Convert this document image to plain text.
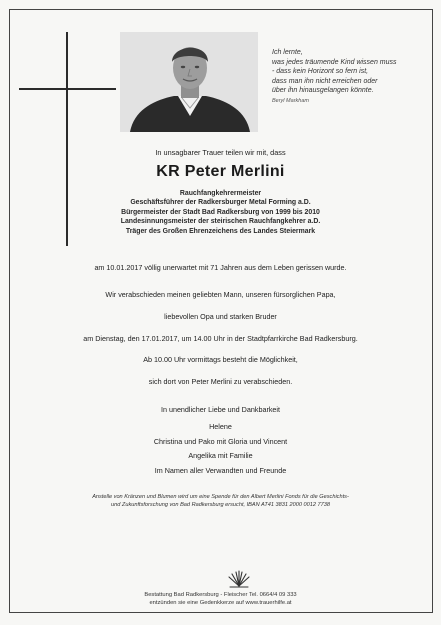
Ich lernte,
was jedes träumende Kind wissen muss
- dass kein Horizont so fern ist,
dass man ihn nicht erreichen oder
über ihn hinausgelangen könnte.
Beryl Markham
In unsagbarer Trauer teilen wir mit, dass
KR Peter Merlini
Rauchfangkehrermeister
Geschäftsführer der Radkersburger Metal Forming a.D.
Bürgermeister der Stadt Bad Radkersburg von 1999 bis 2010
Landesinnungsmeister der steirischen Rauchfangkehrer a.D.
Träger des Großen Ehrenzeichens des Landes Steiermark
am 10.01.2017 völlig unerwartet mit 71 Jahren aus dem Leben gerissen wurde.
Wir verabschieden meinen geliebten Mann, unseren fürsorglichen Papa,
liebevollen Opa und starken Bruder
am Dienstag, den 17.01.2017, um 14.00 Uhr in der Stadtpfarrkirche Bad Radkersburg.
Ab 10.00 Uhr vormittags besteht die Möglichkeit,
sich dort von Peter Merlini zu verabschieden.
In unendlicher Liebe und Dankbarkeit
Helene
Christina und Pako mit Gloria und Vincent
Angelika mit Familie
Im Namen aller Verwandten und Freunde
Anstelle von Kränzen und Blumen wird um eine Spende für den Albert Merlini Fonds für die Geschichts-
und Zukunftsforschung von Bad Radkersburg ersucht, IBAN AT41 3831 2000 0012 7738
Bestattung Bad Radkersburg - Fleischer Tel. 0664/4 09 333
entzünden sie eine Gedenkkerze auf www.trauerhilfe.at
